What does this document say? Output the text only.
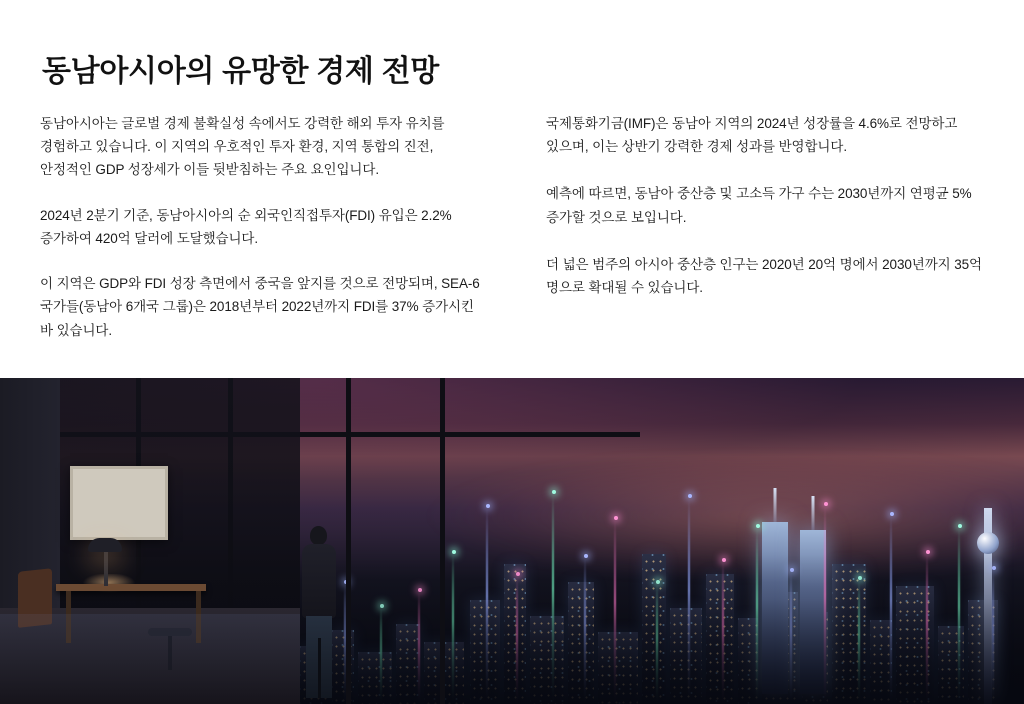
동남아시아의 유망한 경제 전망

동남아시아는 글로벌 경제 불확실성 속에서도 강력한 해외 투자 유치를 경험하고 있습니다. 이 지역의 우호적인 투자 환경, 지역 통합의 진전, 안정적인 GDP 성장세가 이들 뒷받침하는 주요 요인입니다.

2024년 2분기 기준, 동남아시아의 순 외국인직접투자(FDI) 유입은 2.2% 증가하여 420억 달러에 도달했습니다.

이 지역은 GDP와 FDI 성장 측면에서 중국을 앞지를 것으로 전망되며, SEA-6 국가들(동남아 6개국 그룹)은 2018년부터 2022년까지 FDI를 37% 증가시킨 바 있습니다.

국제통화기금(IMF)은 동남아 지역의 2024년 성장률을 4.6%로 전망하고 있으며, 이는 상반기 강력한 경제 성과를 반영합니다.

예측에 따르면, 동남아 중산층 및 고소득 가구 수는 2030년까지 연평균 5% 증가할 것으로 보입니다.

더 넓은 범주의 아시아 중산층 인구는 2020년 20억 명에서 2030년까지 35억 명으로 확대될 수 있습니다.
